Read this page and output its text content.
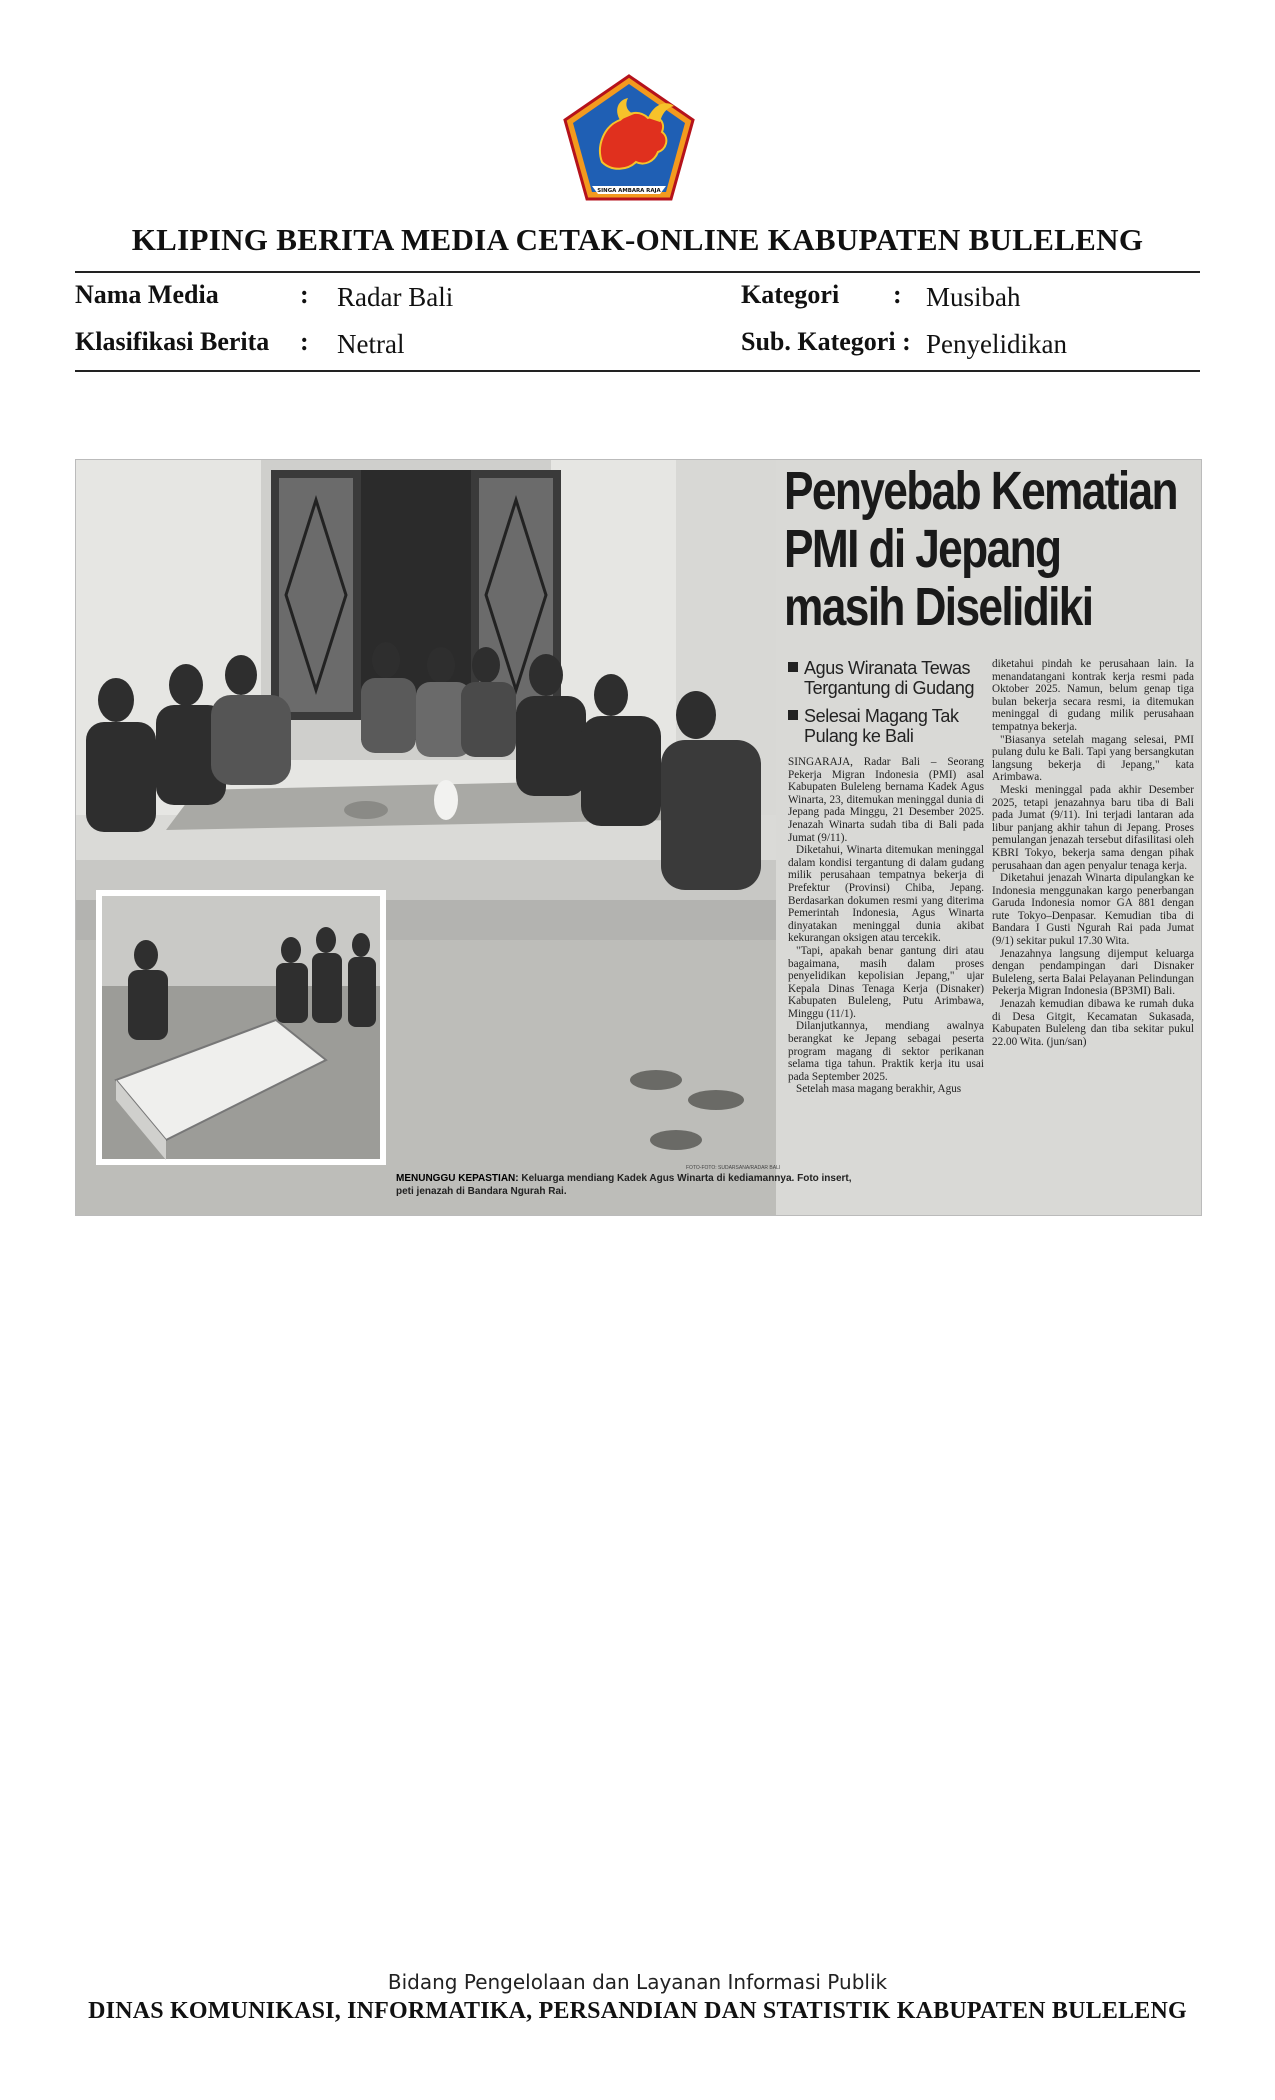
SINGA AMBARA RAJA
KLIPING BERITA MEDIA CETAK-ONLINE KABUPATEN BULELENG
Nama Media	: Radar Bali	Kategori : Musibah
Klasifikasi Berita : Netral	Sub. Kategori : Penyelidikan
MENUNGGU KEPASTIAN: Keluarga mendiang Kadek Agus Winarta di kediamannya. Foto insert, peti jenazah di Bandara Ngurah Rai.
FOTO-FOTO: SUDARSANA/RADAR BALI
Penyebab Kematian
PMI di Jepang
masih Diselidiki
Agus Wiranata Tewas Tergantung di Gudang
Selesai Magang Tak Pulang ke Bali

SINGARAJA, Radar Bali – Seorang Pekerja Migran Indonesia (PMI) asal Kabupaten Buleleng bernama Kadek Agus Winarta, 23, ditemukan meninggal dunia di Jepang pada Minggu, 21 Desember 2025. Jenazah Winarta sudah tiba di Bali pada Jumat (9/11).

Diketahui, Winarta ditemukan meninggal dalam kondisi tergantung di dalam gudang milik perusahaan tempatnya bekerja di Prefektur (Provinsi) Chiba, Jepang. Berdasarkan dokumen resmi yang diterima Pemerintah Indonesia, Agus Winarta dinyatakan meninggal dunia akibat kekurangan oksigen atau tercekik.

"Tapi, apakah benar gantung diri atau bagaimana, masih dalam proses penyelidikan kepolisian Jepang," ujar Kepala Dinas Tenaga Kerja (Disnaker) Kabupaten Buleleng, Putu Arimbawa, Minggu (11/1).

Dilanjutkannya, mendiang awalnya berangkat ke Jepang sebagai peserta program magang di sektor perikanan selama tiga tahun. Praktik kerja itu usai pada September 2025.

Setelah masa magang berakhir, Agus

diketahui pindah ke perusahaan lain. Ia menandatangani kontrak kerja resmi pada Oktober 2025. Namun, belum genap tiga bulan bekerja secara resmi, ia ditemukan meninggal di gudang milik perusahaan tempatnya bekerja.

"Biasanya setelah magang selesai, PMI pulang dulu ke Bali. Tapi yang bersangkutan langsung bekerja di Jepang," kata Arimbawa.

Meski meninggal pada akhir Desember 2025, tetapi jenazahnya baru tiba di Bali pada Jumat (9/11). Ini terjadi lantaran ada libur panjang akhir tahun di Jepang. Proses pemulangan jenazah tersebut difasilitasi oleh KBRI Tokyo, bekerja sama dengan pihak perusahaan dan agen penyalur tenaga kerja.

Diketahui jenazah Winarta dipulangkan ke Indonesia menggunakan kargo penerbangan Garuda Indonesia nomor GA 881 dengan rute Tokyo–Denpasar. Kemudian tiba di Bandara I Gusti Ngurah Rai pada Jumat (9/1) sekitar pukul 17.30 Wita.

Jenazahnya langsung dijemput keluarga dengan pendampingan dari Disnaker Buleleng, serta Balai Pelayanan Pelindungan Pekerja Migran Indonesia (BP3MI) Bali.

Jenazah kemudian dibawa ke rumah duka di Desa Gitgit, Kecamatan Sukasada, Kabupaten Buleleng dan tiba sekitar pukul 22.00 Wita. (jun/san)

Bidang Pengelolaan dan Layanan Informasi Publik
DINAS KOMUNIKASI, INFORMATIKA, PERSANDIAN DAN STATISTIK KABUPATEN BULELENG
